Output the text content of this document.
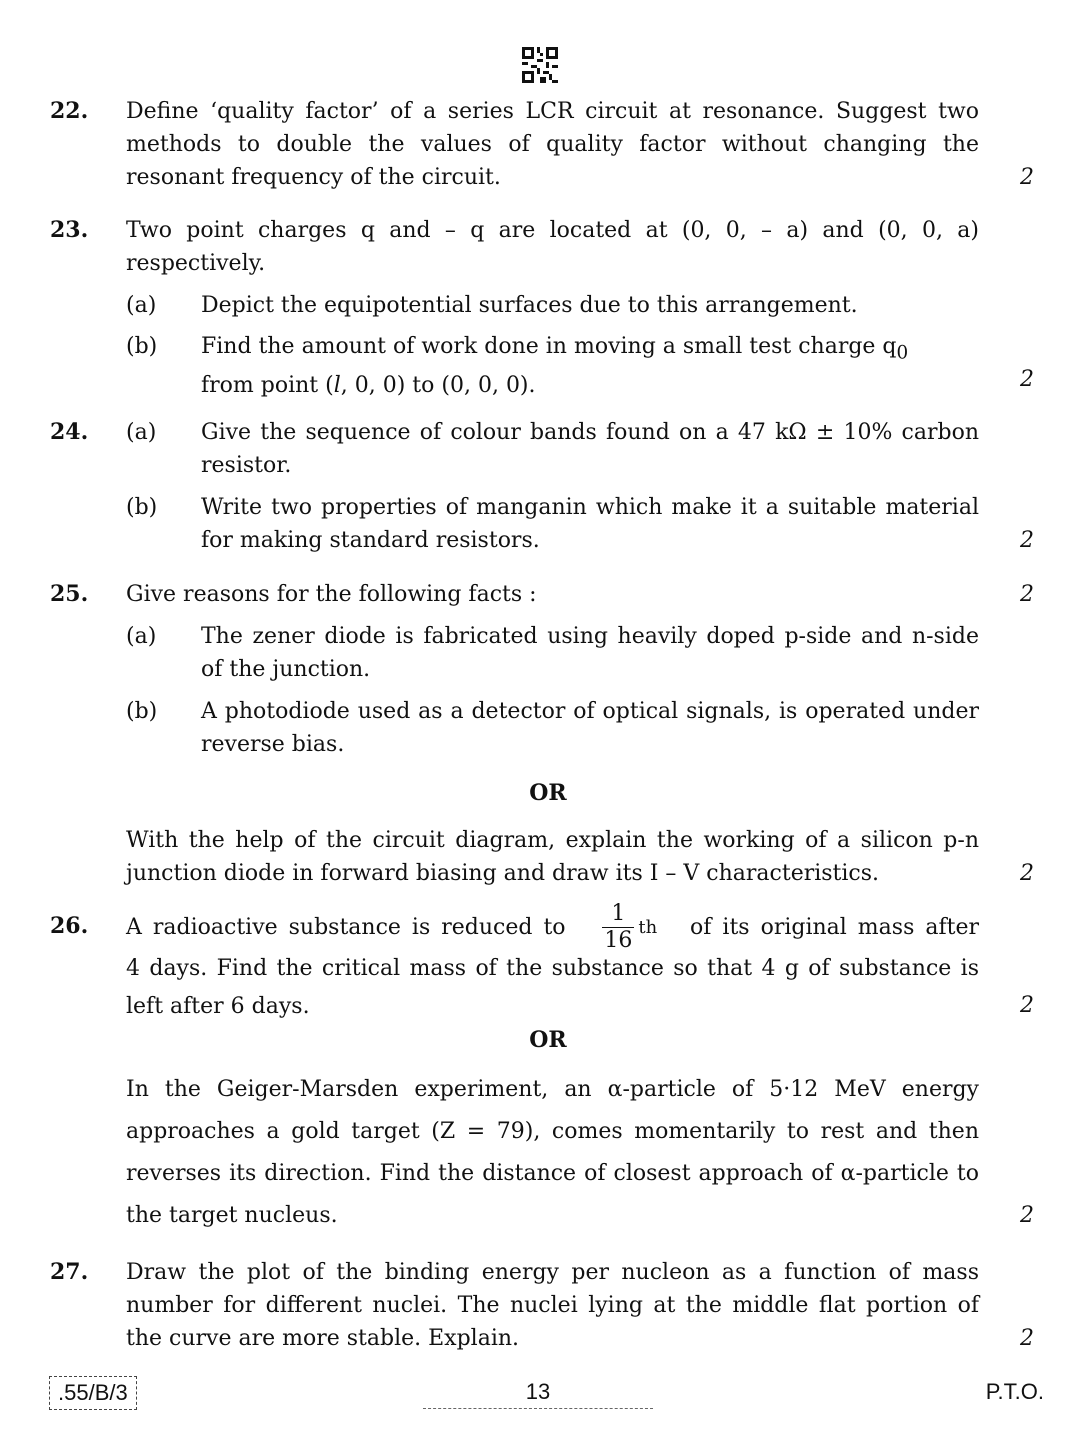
22. Define ‘quality factor’ of a series LCR circuit at resonance. Suggest two methods to double the values of quality factor without changing the resonant frequency of the circuit.	2
23. Two point charges q and – q are located at (0, 0, – a) and (0, 0, a) respectively.
(a) Depict the equipotential surfaces due to this arrangement.
(b) Find the amount of work done in moving a small test charge $q_0$
from point (l, 0, 0) to (0, 0, 0).	2
24. (a) Give the sequence of colour bands found on a 47 kΩ ± 10% carbon resistor.
(b) Write two properties of manganin which make it a suitable material for making standard resistors.	2
25. Give reasons for the following facts :	2
(a) The zener diode is fabricated using heavily doped p-side and n-side of the junction.
(b) A photodiode used as a detector of optical signals, is operated under reverse bias.
OR
With the help of the circuit diagram, explain the working of a silicon p-n junction diode in forward biasing and draw its I – V characteristics.	2
26. A radioactive substance is reduced to $\frac{1}{16}$ th of its original mass after
4 days. Find the critical mass of the substance so that 4 g of substance is left after 6 days.	2
OR
In the Geiger-Marsden experiment, an α-particle of 5·12 MeV energy approaches a gold target (Z = 79), comes momentarily to rest and then reverses its direction. Find the distance of closest approach of α-particle to the target nucleus.	2
27. Draw the plot of the binding energy per nucleon as a function of mass number for different nuclei. The nuclei lying at the middle flat portion of the curve are more stable. Explain.	2
.55/B/3	13	P.T.O.
